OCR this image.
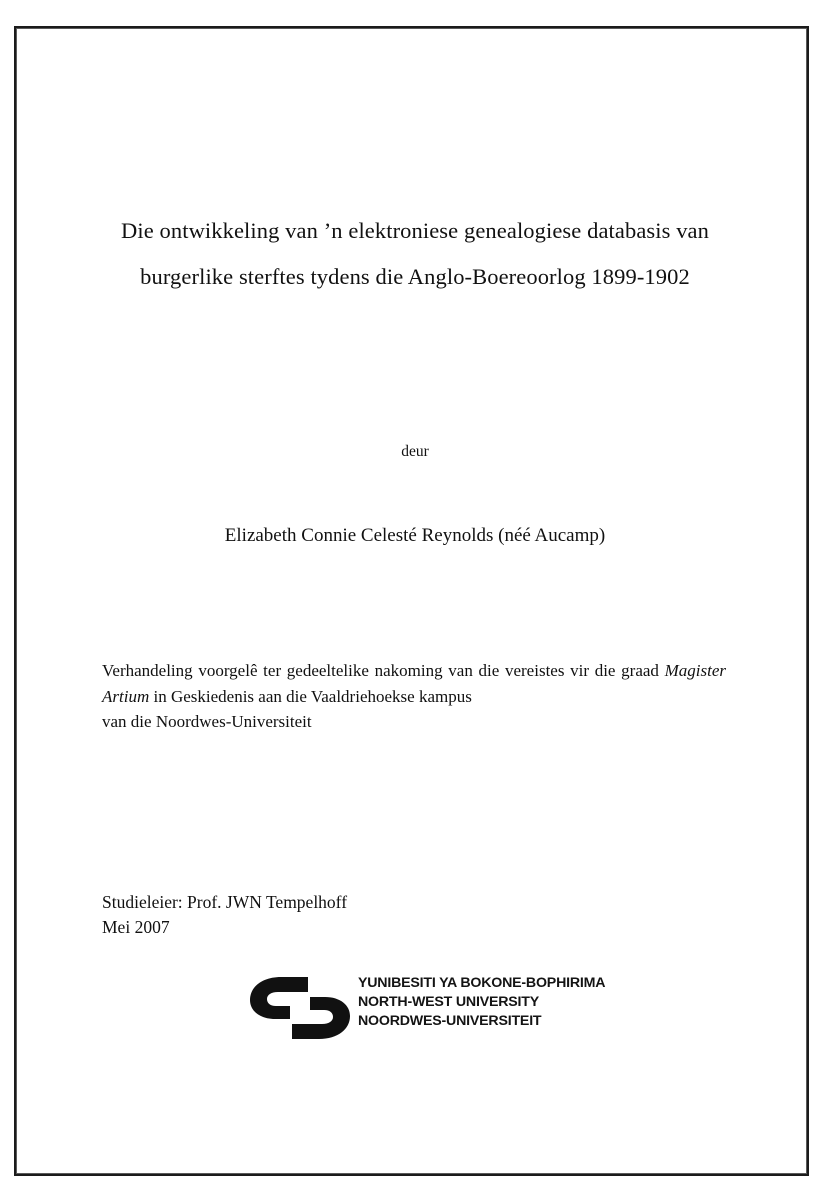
Die ontwikkeling van ’n elektroniese genealogiese databasis van
burgerlike sterftes tydens die Anglo-Boereoorlog 1899-1902
deur
Elizabeth Connie Celesté Reynolds (néé Aucamp)

Verhandeling voorgelê ter gedeeltelike nakoming van die vereistes vir die graad Magister Artium in Geskiedenis aan die Vaaldriehoekse kampus

van die Noordwes-Universiteit

Studieleier: Prof. JWN Tempelhoff
Mei 2007
YUNIBESITI YA BOKONE-BOPHIRIMA
NORTH-WEST UNIVERSITY
NOORDWES-UNIVERSITEIT
